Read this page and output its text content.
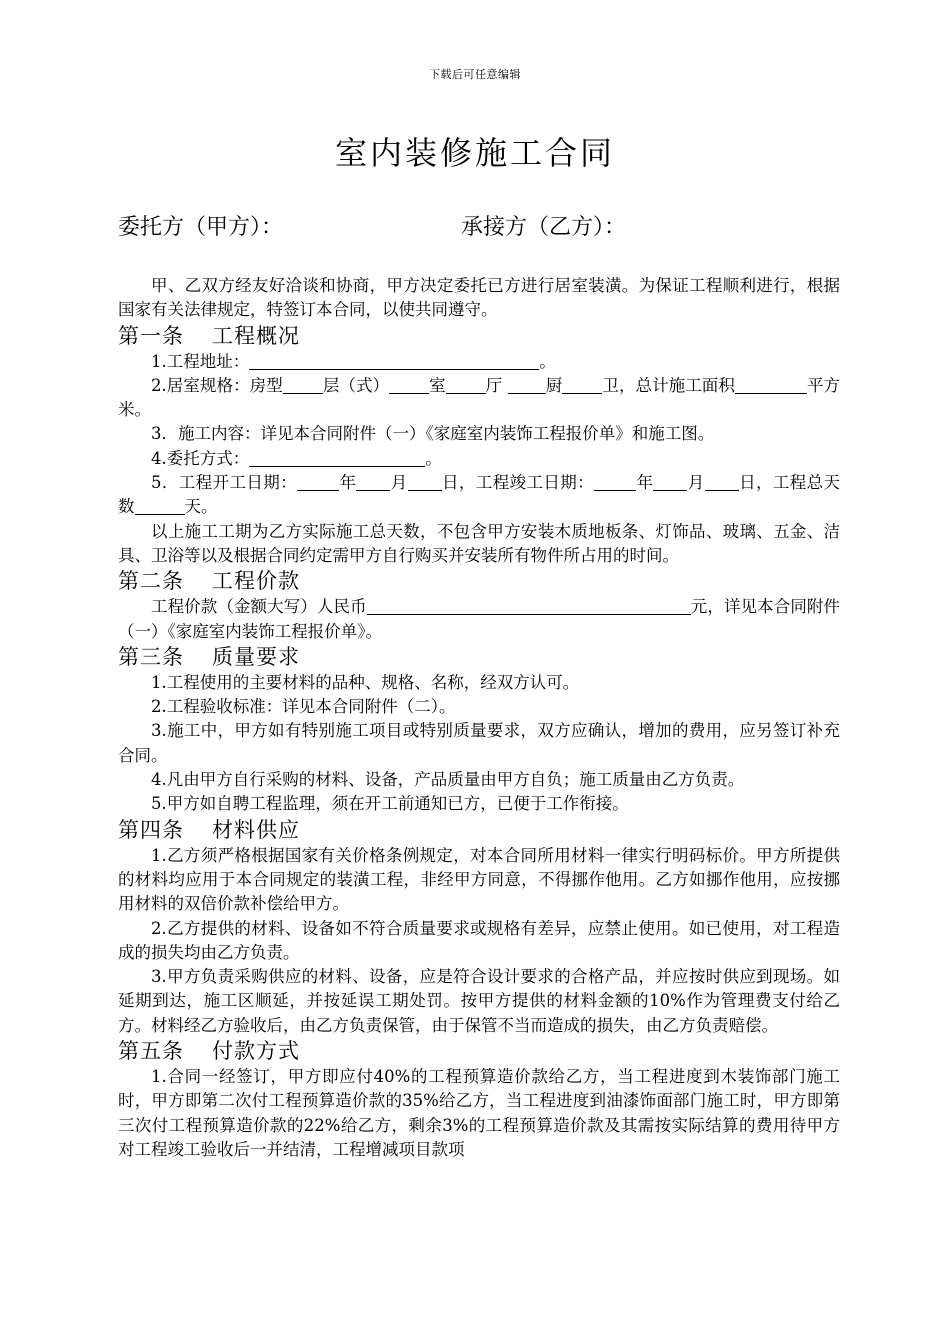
下载后可任意编辑
室内装修施工合同
委托方（甲方）：	承接方（乙方）：

甲、乙双方经友好洽谈和协商，甲方决定委托已方进行居室装潢。为保证工程顺利进行，根据国家有关法律规定，特签订本合同，以使共同遵守。

第一条 工程概况

1.工程地址：	。

2.居室规格：房型 层（式） 室 厅	厨 卫，总计施工面积	平方米。

3．施工内容：详见本合同附件（一）《家庭室内装饰工程报价单》和施工图。

4.委托方式：	。

5．工程开工日期：	年 月 日，工程竣工日期：	年 月 日，工程总天数	天。

以上施工工期为乙方实际施工总天数，不包含甲方安装木质地板条、灯饰品、玻璃、五金、洁具、卫浴等以及根据合同约定需甲方自行购买并安装所有物件所占用的时间。

第二条 工程价款

工程价款（金额大写）人民币	元，详见本合同附件（一）《家庭室内装饰工程报价单》。

第三条 质量要求

1.工程使用的主要材料的品种、规格、名称，经双方认可。

2.工程验收标准：详见本合同附件（二）。

3.施工中，甲方如有特别施工项目或特别质量要求，双方应确认，增加的费用，应另签订补充合同。

4.凡由甲方自行采购的材料、设备，产品质量由甲方自负；施工质量由乙方负责。

5.甲方如自聘工程监理，须在开工前通知已方，已便于工作衔接。

第四条 材料供应

1.乙方须严格根据国家有关价格条例规定，对本合同所用材料一律实行明码标价。甲方所提供的材料均应用于本合同规定的装潢工程，非经甲方同意，不得挪作他用。乙方如挪作他用，应按挪用材料的双倍价款补偿给甲方。

2.乙方提供的材料、设备如不符合质量要求或规格有差异，应禁止使用。如已使用，对工程造成的损失均由乙方负责。

3.甲方负责采购供应的材料、设备，应是符合设计要求的合格产品，并应按时供应到现场。如延期到达，施工区顺延，并按延误工期处罚。按甲方提供的材料金额的10%作为管理费支付给乙方。材料经乙方验收后，由乙方负责保管，由于保管不当而造成的损失，由乙方负责赔偿。

第五条 付款方式

1.合同一经签订，甲方即应付40%的工程预算造价款给乙方，当工程进度到木装饰部门施工时，甲方即第二次付工程预算造价款的35%给乙方，当工程进度到油漆饰面部门施工时，甲方即第三次付工程预算造价款的22%给乙方，剩余3%的工程预算造价款及其需按实际结算的费用待甲方对工程竣工验收后一并结清，工程增减项目款项
